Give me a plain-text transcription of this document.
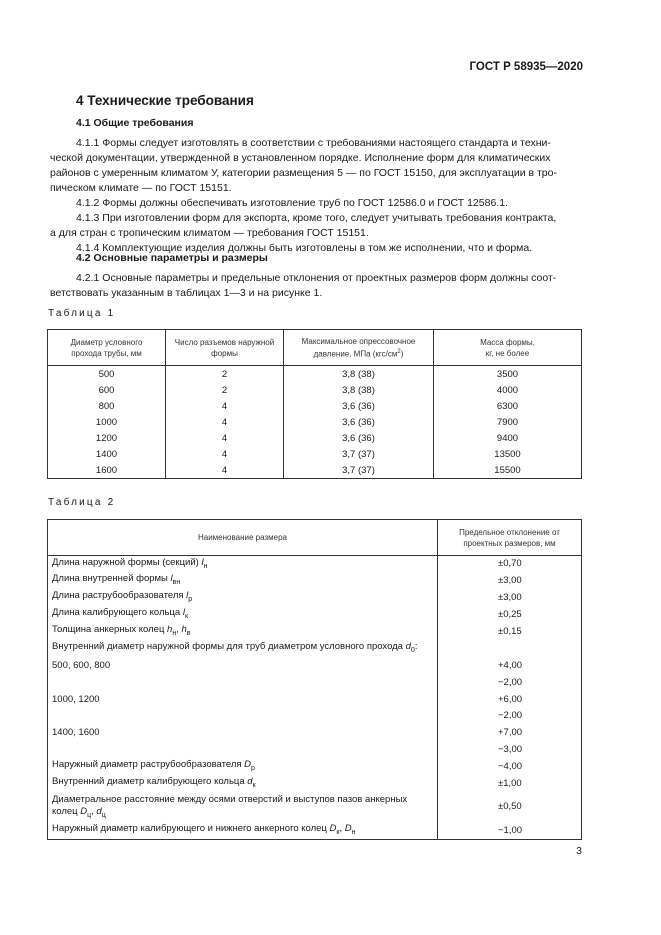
ГОСТ Р 58935—2020
4 Технические требования
4.1 Общие требования
4.1.1 Формы следует изготовлять в соответствии с требованиями настоящего стандарта и техни-
ческой документации, утвержденной в установленном порядке. Исполнение форм для климатических
районов с умеренным климатом У, категории размещения 5 — по ГОСТ 15150, для эксплуатации в тро-
пическом климате — по ГОСТ 15151.
4.1.2 Формы должны обеспечивать изготовление труб по ГОСТ 12586.0 и ГОСТ 12586.1.
4.1.3 При изготовлении форм для экспорта, кроме того, следует учитывать требования контракта,
а для стран с тропическим климатом — требования ГОСТ 15151.
4.1.4 Комплектующие изделия должны быть изготовлены в том же исполнении, что и форма.
4.2 Основные параметры и размеры
4.2.1 Основные параметры и предельные отклонения от проектных размеров форм должны соот-
ветствовать указанным в таблицах 1—3 и на рисунке 1.
Таблица 1
Диаметр условного
прохода трубы, мм	Число разъемов наружной
формы	Максимальное опрессовочное
давление, МПа $(кгс/см^2)$	Масса формы,
кг, не более
500	2	3,8 (38)	3500
600	2	3,8 (38)	4000
800	4	3,6 (36)	6300
1000	4	3,6 (36)	7900
1200	4	3,6 (36)	9400
1400	4	3,7 (37)	13500
1600	4	3,7 (37)	15500
Таблица 2
Наименование размера	Предельное отклонение от
проектных размеров, мм
Длина наружной формы (секций) $l_н$	±0,70
Длина внутренней формы $l_{вн}$	±3,00
Длина раструбообразователя $l_р$	±3,00
Длина калибрующего кольца $l_к$	±0,25
Толщина анкерных колец $h_н$, $h_в$	±0,15
Внутренний диаметр наружной формы для труб диаметром условного прохода $d_0$:	
500, 600, 800	+4,00
	−2,00
1000, 1200	+6,00
	−2,00
1400, 1600	+7,00
	−3,00
Наружный диаметр раструбообразователя $D_р$	−4,00
Внутренний диаметр калибрующего кольца $d_к$	±1,00
Диаметральное расстояние между осями отверстий и выступов пазов анкерных
колец $D_ц$, $d_ц$	±0,50
Наружный диаметр калибрующего и нижнего анкерного колец $D_к$, $D_н$	−1,00
3
